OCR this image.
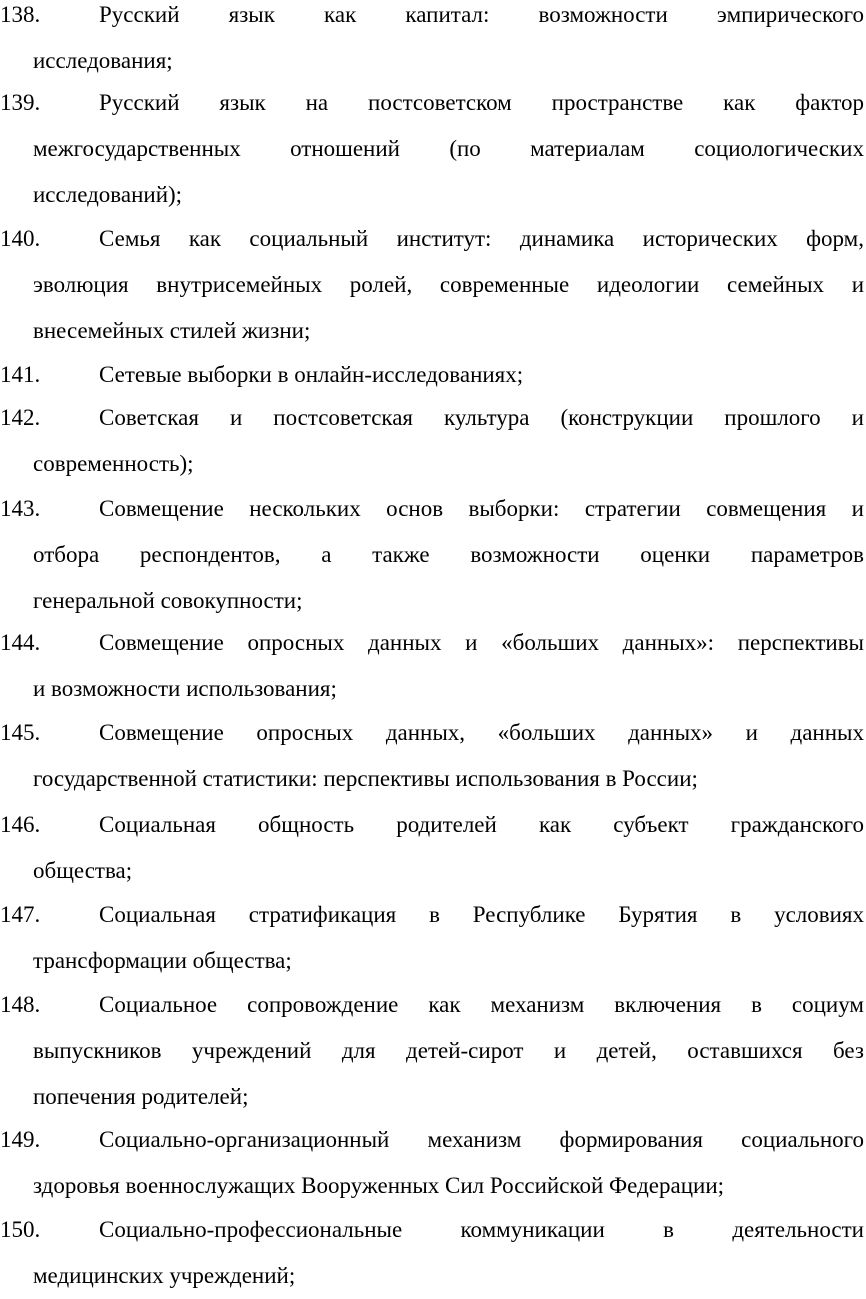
138.	Русский язык как капитал: возможности эмпирического
исследования;
139.	Русский язык на постсоветском пространстве как фактор
межгосударственных отношений (по материалам социологических
исследований);
140.	Семья как социальный институт: динамика исторических форм,
эволюция внутрисемейных ролей, современные идеологии семейных и
внесемейных стилей жизни;
141.	Сетевые выборки в онлайн-исследованиях;
142.	Советская и постсоветская культура (конструкции прошлого и
современность);
143.	Совмещение нескольких основ выборки: стратегии совмещения и
отбора респондентов, а также возможности оценки параметров
генеральной совокупности;
144.	Совмещение опросных данных и «больших данных»: перспективы
и возможности использования;
145.	Совмещение опросных данных, «больших данных» и данных
государственной статистики: перспективы использования в России;
146.	Социальная общность родителей как субъект гражданского
общества;
147.	Социальная стратификация в Республике Бурятия в условиях
трансформации общества;
148.	Социальное сопровождение как механизм включения в социум
выпускников учреждений для детей-сирот и детей, оставшихся без
попечения родителей;
149.	Социально-организационный механизм формирования социального
здоровья военнослужащих Вооруженных Сил Российской Федерации;
150.	Социально-профессиональные коммуникации в деятельности
медицинских учреждений;
